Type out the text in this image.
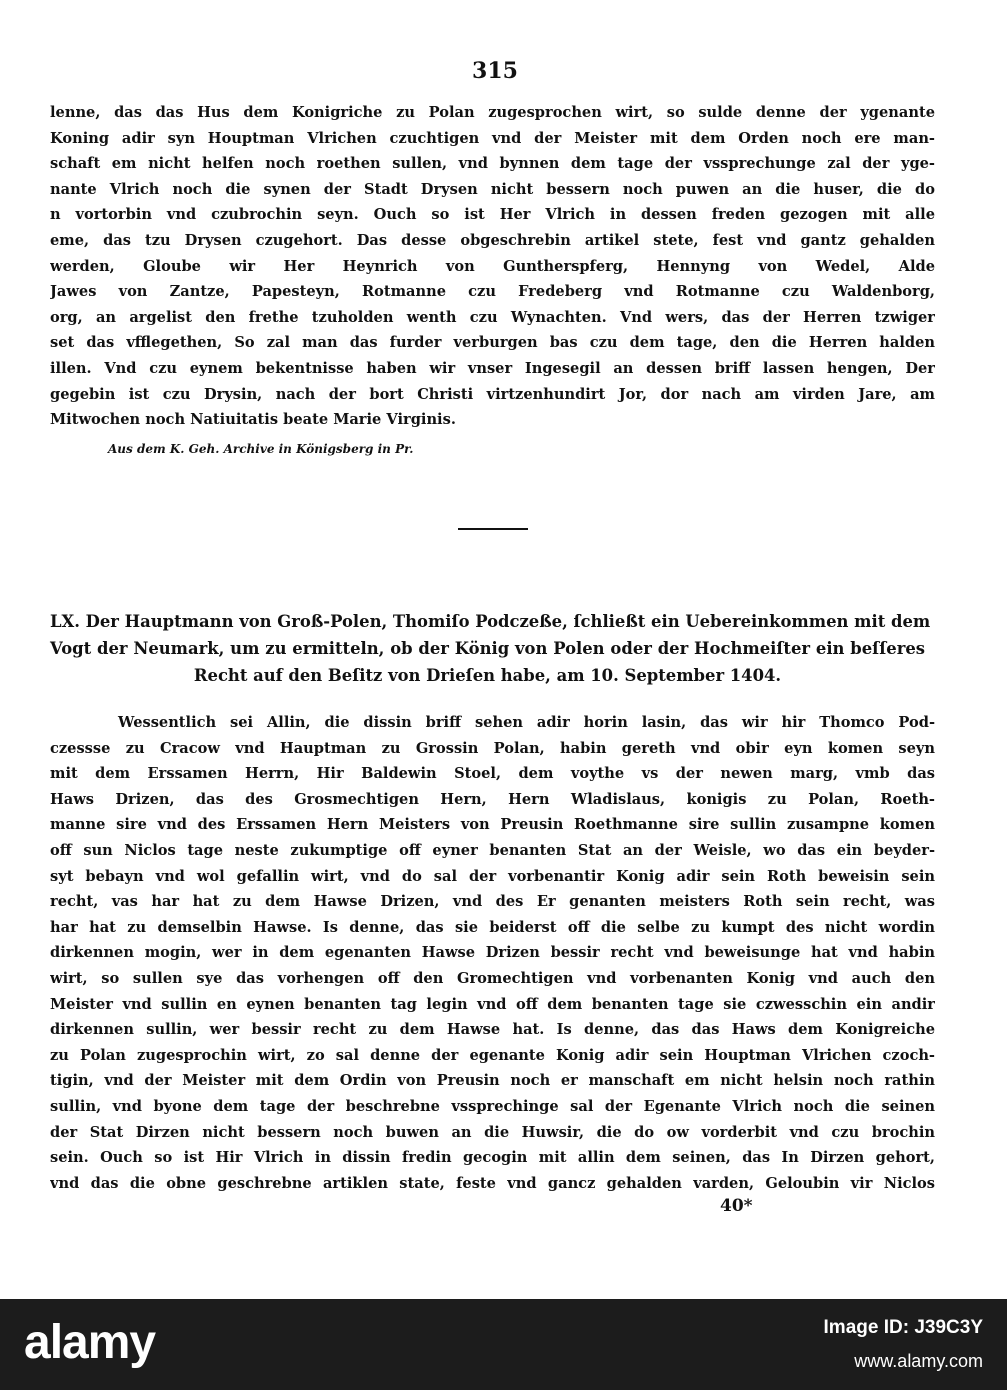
315
lenne, das das Hus dem Konigriche zu Polan zugesprochen wirt, so sulde denne der ygenante
Koning adir syn Houptman Vlrichen czuchtigen vnd der Meister mit dem Orden noch ere man-
schaft em nicht helfen noch roethen sullen, vnd bynnen dem tage der vssprechunge zal der yge-
nante Vlrich noch die synen der Stadt Drysen nicht bessern noch puwen an die huser, die do
n vortorbin vnd czubrochin seyn. Ouch so ist Her Vlrich in dessen freden gezogen mit alle
eme, das tzu Drysen czugehort. Das desse obgeschrebin artikel stete, fest vnd gantz gehalden
werden, Gloube wir Her Heynrich von Guntherspferg, Hennyng von Wedel, Alde
Jawes von Zantze, Papesteyn, Rotmanne czu Fredeberg vnd Rotmanne czu Waldenborg,
org, an argelist den frethe tzuholden wenth czu Wynachten. Vnd wers, das der Herren tzwiger
set das vfflegethen, So zal man das furder verburgen bas czu dem tage, den die Herren halden
illen. Vnd czu eynem bekentnisse haben wir vnser Ingesegil an dessen briff lassen hengen, Der
gegebin ist czu Drysin, nach der bort Christi virtzenhundirt Jor, dor nach am virden Jare, am
Mitwochen noch Natiuitatis beate Marie Virginis.
Aus dem K. Geh. Archive in Königsberg in Pr.
LX. Der Hauptmann von Groß-Polen, Thomiſo Podczeße, ſchließt ein Uebereinkommen mit dem
Vogt der Neumark, um zu ermitteln, ob der König von Polen oder der Hochmeiſter ein beſſeres
Recht auf den Beſitz von Drieſen habe, am 10. September 1404.
Wessentlich sei Allin, die dissin briff sehen adir horin lasin, das wir hir Thomco Pod-
czessse zu Cracow vnd Hauptman zu Grossin Polan, habin gereth vnd obir eyn komen seyn
mit dem Erssamen Herrn, Hir Baldewin Stoel, dem voythe vs der newen marg, vmb das
Haws Drizen, das des Grosmechtigen Hern, Hern Wladislaus, konigis zu Polan, Roeth-
manne sire vnd des Erssamen Hern Meisters von Preusin Roethmanne sire sullin zusampne komen
off sun Niclos tage neste zukumptige off eyner benanten Stat an der Weisle, wo das ein beyder-
syt bebayn vnd wol gefallin wirt, vnd do sal der vorbenantir Konig adir sein Roth beweisin sein
recht, vas har hat zu dem Hawse Drizen, vnd des Er genanten meisters Roth sein recht, was
har hat zu demselbin Hawse. Is denne, das sie beiderst off die selbe zu kumpt des nicht wordin
dirkennen mogin, wer in dem egenanten Hawse Drizen bessir recht vnd beweisunge hat vnd habin
wirt, so sullen sye das vorhengen off den Gromechtigen vnd vorbenanten Konig vnd auch den
Meister vnd sullin en eynen benanten tag legin vnd off dem benanten tage sie czwesschin ein andir
dirkennen sullin, wer bessir recht zu dem Hawse hat. Is denne, das das Haws dem Konigreiche
zu Polan zugesprochin wirt, zo sal denne der egenante Konig adir sein Houptman Vlrichen czoch-
tigin, vnd der Meister mit dem Ordin von Preusin noch er manschaft em nicht helsin noch rathin
sullin, vnd byone dem tage der beschrebne vssprechinge sal der Egenante Vlrich noch die seinen
der Stat Dirzen nicht bessern noch buwen an die Huwsir, die do ow vorderbit vnd czu brochin
sein. Ouch so ist Hir Vlrich in dissin fredin gecogin mit allin dem seinen, das In Dirzen gehort,
vnd das die obne geschrebne artiklen state, feste vnd gancz gehalden varden, Geloubin vir Niclos
40*
alamy	Image ID: J39C3Y
www.alamy.com
